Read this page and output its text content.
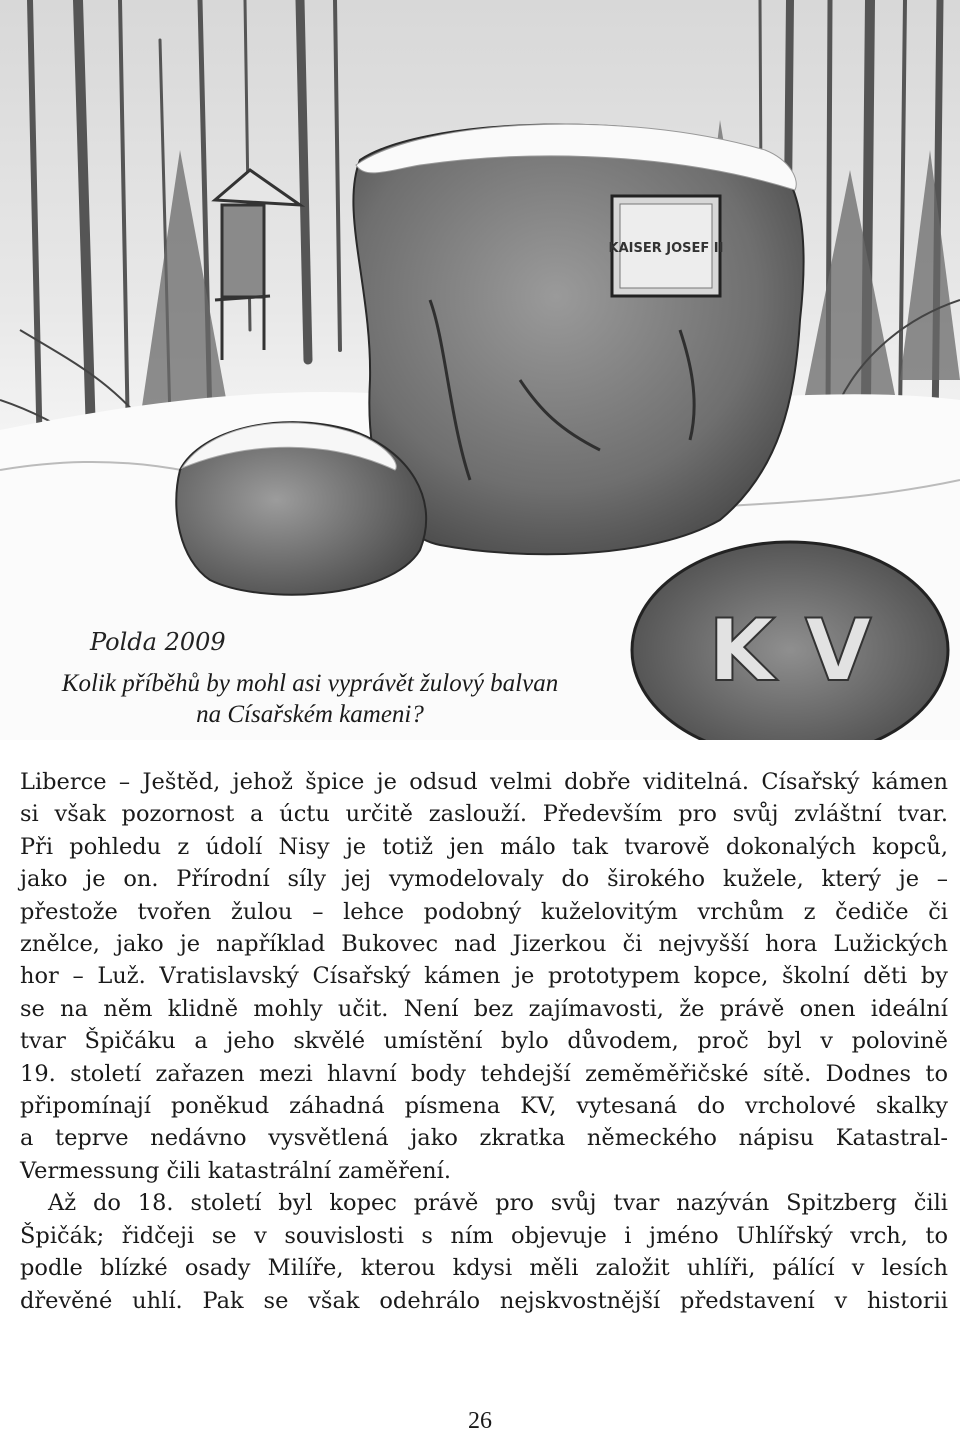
KAISER JOSEF II
K V
Polda 2009
Kolik příběhů by mohl asi vyprávět žulový balvan
na Císařském kameni?
Liberce – Ještěd, jehož špice je odsud velmi dobře viditelná. Císařský kámen
si však pozornost a úctu určitě zaslouží. Především pro svůj zvláštní tvar.
Při pohledu z údolí Nisy je totiž jen málo tak tvarově dokonalých kopců,
jako je on. Přírodní síly jej vymodelovaly do širokého kužele, který je –
přestože tvořen žulou – lehce podobný kuželovitým vrchům z čediče či
znělce, jako je například Bukovec nad Jizerkou či nejvyšší hora Lužických
hor – Luž. Vratislavský Císařský kámen je prototypem kopce, školní děti by
se na něm klidně mohly učit. Není bez zajímavosti, že právě onen ideální
tvar Špičáku a jeho skvělé umístění bylo důvodem, proč byl v polovině
19. století zařazen mezi hlavní body tehdejší zeměměřičské sítě. Dodnes to
připomínají poněkud záhadná písmena KV, vytesaná do vrcholové skalky
a teprve nedávno vysvětlená jako zkratka německého nápisu Katastral-
Vermessung čili katastrální zaměření.
Až do 18. století byl kopec právě pro svůj tvar nazýván Spitzberg čili
Špičák; řidčeji se v souvislosti s ním objevuje i jméno Uhlířský vrch, to
podle blízké osady Milíře, kterou kdysi měli založit uhlíři, pálící v lesích
dřevěné uhlí. Pak se však odehrálo nejskvostnější představení v historii
26
